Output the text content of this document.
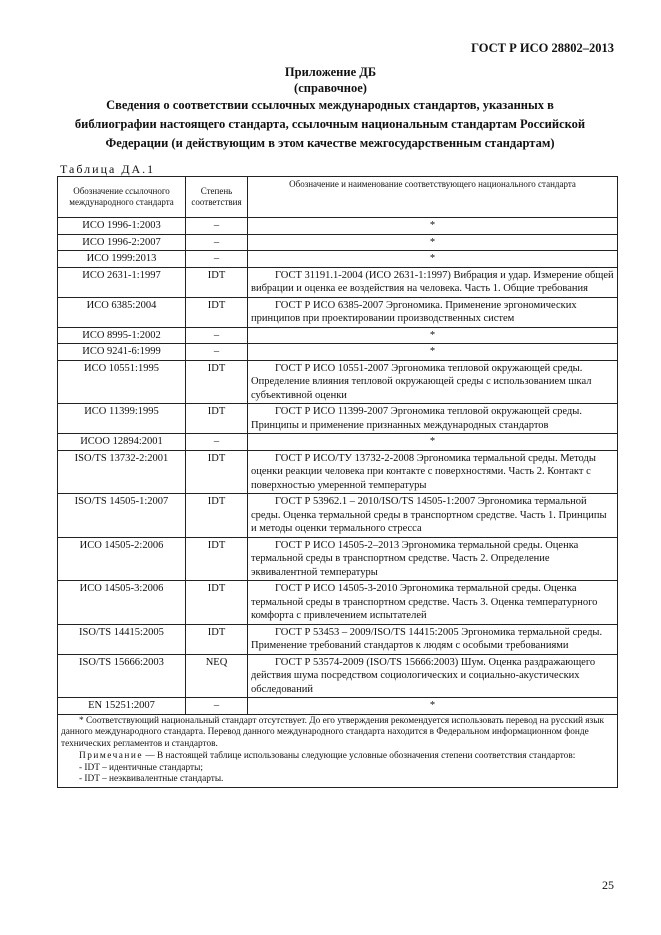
ГОСТ Р ИСО 28802–2013
Приложение ДБ
(справочное)
Сведения о соответствии ссылочных международных стандартов, указанных в библиографии настоящего стандарта, ссылочным национальным стандартам Российской Федерации (и действующим в этом качестве межгосударственным стандартам)
Таблица ДА.1
Обозначение ссылочного международного стандарта	Степень соответствия	Обозначение и наименование соответствующего национального стандарта
ИСО 1996-1:2003	–	*

ИСО 1996-2:2007	–	*

ИСО 1999:2013	–	*

ИСО 2631-1:1997	IDT	ГОСТ 31191.1-2004 (ИСО 2631-1:1997) Вибрация и удар. Измерение общей вибрации и оценка ее воздействия на человека. Часть 1. Общие требования

ИСО 6385:2004	IDT	ГОСТ Р ИСО 6385-2007 Эргономика. Применение эргономических принципов при проектировании производственных систем

ИСО 8995-1:2002	–	*

ИСО 9241-6:1999	–	*

ИСО 10551:1995	IDT	ГОСТ Р ИСО 10551-2007 Эргономика тепловой окружающей среды. Определение влияния тепловой окружающей среды с использованием шкал субъективной оценки

ИСО 11399:1995	IDT	ГОСТ Р ИСО 11399-2007 Эргономика тепловой окружающей среды. Принципы и применение признанных международных стандартов

ИСОО 12894:2001	–	*

ISO/TS 13732-2:2001	IDT	ГОСТ Р ИСО/ТУ 13732-2-2008 Эргономика термальной среды. Методы оценки реакции человека при контакте с поверхностями. Часть 2. Контакт с поверхностью умеренной температуры

ISO/TS 14505-1:2007	IDT	ГОСТ Р 53962.1 – 2010/ISO/TS 14505-1:2007 Эргономика термальной среды. Оценка термальной среды в транспортном средстве. Часть 1. Принципы и методы оценки термального стресса

ИСО 14505-2:2006	IDT	ГОСТ Р ИСО 14505-2–2013 Эргономика термальной среды. Оценка термальной среды в транспортном средстве. Часть 2. Определение эквивалентной температуры

ИСО 14505-3:2006	IDT	ГОСТ Р ИСО 14505-3-2010 Эргономика термальной среды. Оценка термальной среды в транспортном средстве. Часть 3. Оценка температурного комфорта с привлечением испытателей

ISO/TS 14415:2005	IDT	ГОСТ Р 53453 – 2009/ISO/TS 14415:2005 Эргономика термальной среды. Применение требований стандартов к людям с особыми требованиями

ISO/TS 15666:2003	NEQ	ГОСТ Р 53574-2009 (ISO/TS 15666:2003) Шум. Оценка раздражающего действия шума посредством социологических и социально-акустических обследований

EN 15251:2007	–	*

* Соответствующий национальный стандарт отсутствует. До его утверждения рекомендуется использовать перевод на русский язык данного международного стандарта. Перевод данного международного стандарта находится в Федеральном информационном фонде технических регламентов и стандартов.

Примечание — В настоящей таблице использованы следующие условные обозначения степени соответствия стандартов:

- IDT – идентичные стандарты;

- IDT – неэквивалентные стандарты.		

25
